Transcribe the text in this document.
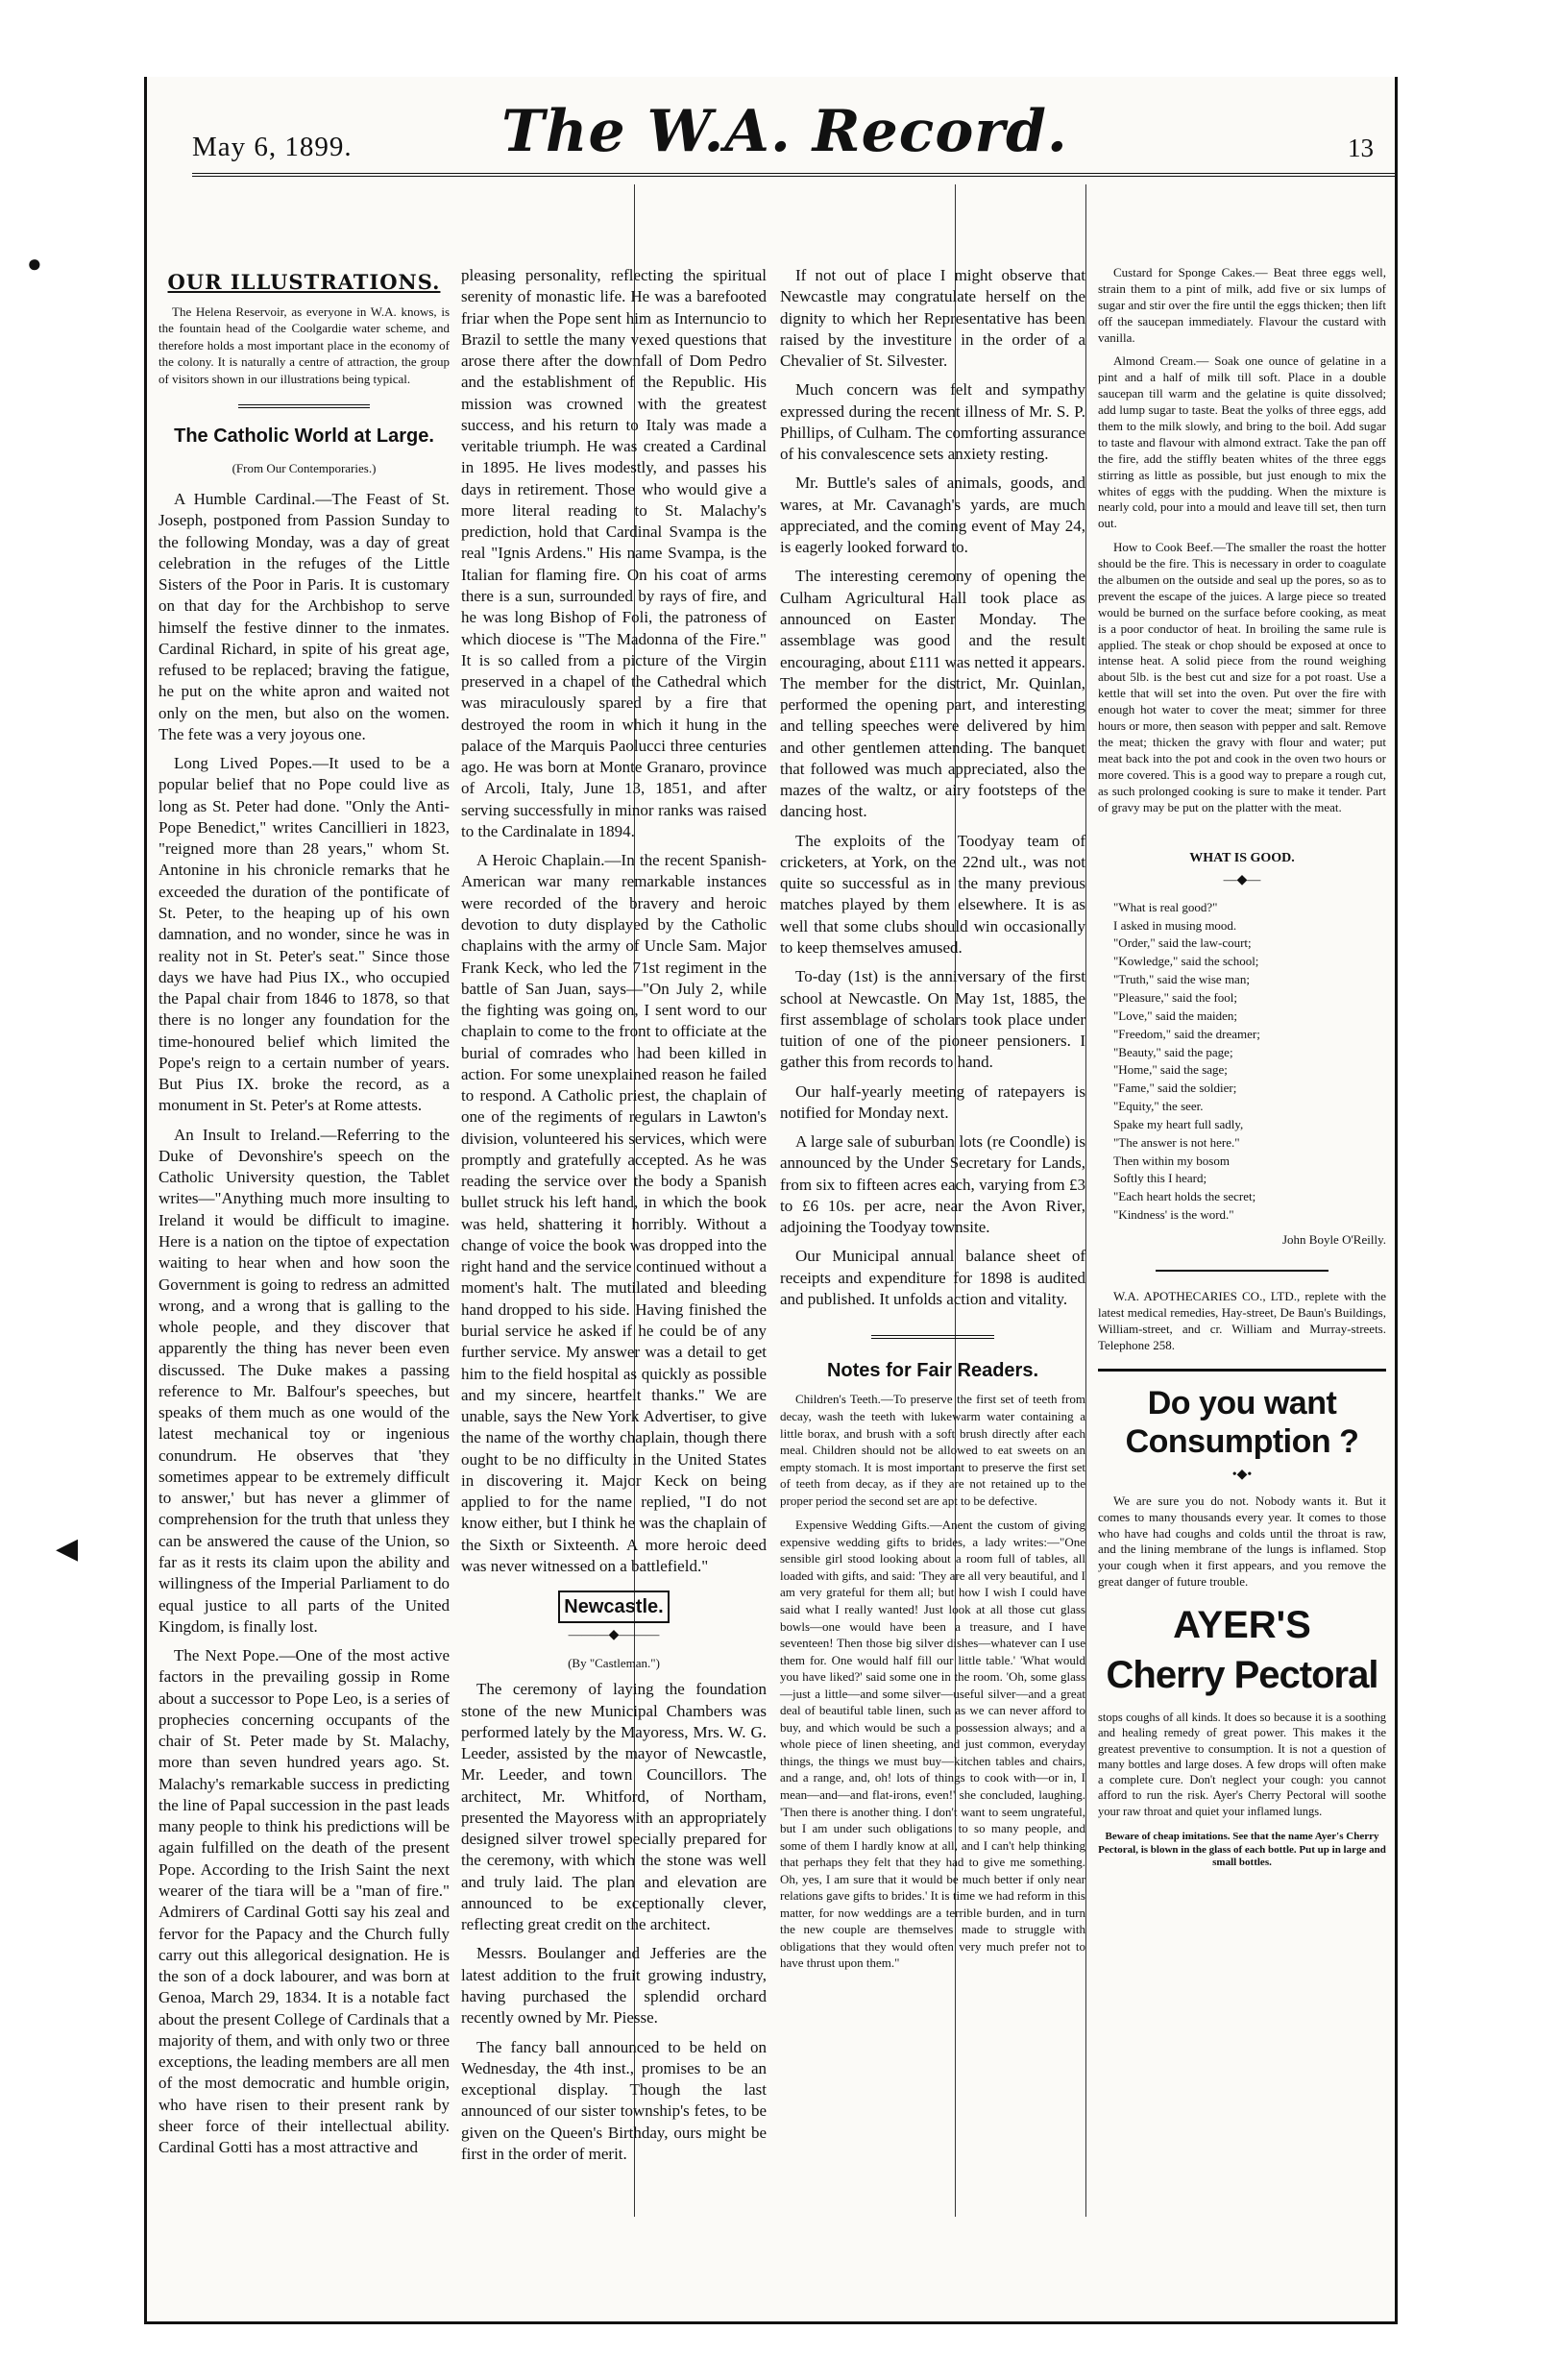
●
◀
May 6, 1899.	The W.A. Record.	13
OUR ILLUSTRATIONS.

The Helena Reservoir, as everyone in W.A. knows, is the fountain head of the Coolgardie water scheme, and therefore holds a most important place in the economy of the colony. It is naturally a centre of attraction, the group of visitors shown in our illustrations being typical.

The Catholic World at Large.

(From Our Contemporaries.)

A Humble Cardinal.—The Feast of St. Joseph, postponed from Passion Sunday to the following Monday, was a day of great celebration in the refuges of the Little Sisters of the Poor in Paris. It is customary on that day for the Archbishop to serve himself the festive dinner to the inmates. Cardinal Richard, in spite of his great age, refused to be replaced; braving the fatigue, he put on the white apron and waited not only on the men, but also on the women. The fete was a very joyous one.

Long Lived Popes.—It used to be a popular belief that no Pope could live as long as St. Peter had done. "Only the Anti-Pope Benedict," writes Cancillieri in 1823, "reigned more than 28 years," whom St. Antonine in his chronicle remarks that he exceeded the duration of the pontificate of St. Peter, to the heaping up of his own damnation, and no wonder, since he was in reality not in St. Peter's seat." Since those days we have had Pius IX., who occupied the Papal chair from 1846 to 1878, so that there is no longer any foundation for the time-honoured belief which limited the Pope's reign to a certain number of years. But Pius IX. broke the record, as a monument in St. Peter's at Rome attests.

An Insult to Ireland.—Referring to the Duke of Devonshire's speech on the Catholic University question, the Tablet writes—"Anything much more insulting to Ireland it would be difficult to imagine. Here is a nation on the tiptoe of expectation waiting to hear when and how soon the Government is going to redress an admitted wrong, and a wrong that is galling to the whole people, and they discover that apparently the thing has never been even discussed. The Duke makes a passing reference to Mr. Balfour's speeches, but speaks of them much as one would of the latest mechanical toy or ingenious conundrum. He observes that 'they sometimes appear to be extremely difficult to answer,' but has never a glimmer of comprehension for the truth that unless they can be answered the cause of the Union, so far as it rests its claim upon the ability and willingness of the Imperial Parliament to do equal justice to all parts of the United Kingdom, is finally lost.

The Next Pope.—One of the most active factors in the prevailing gossip in Rome about a successor to Pope Leo, is a series of prophecies concerning occupants of the chair of St. Peter made by St. Malachy, more than seven hundred years ago. St. Malachy's remarkable success in predicting the line of Papal succession in the past leads many people to think his predictions will be again fulfilled on the death of the present Pope. According to the Irish Saint the next wearer of the tiara will be a "man of fire." Admirers of Cardinal Gotti say his zeal and fervor for the Papacy and the Church fully carry out this allegorical designation. He is the son of a dock labourer, and was born at Genoa, March 29, 1834. It is a notable fact about the present College of Cardinals that a majority of them, and with only two or three exceptions, the leading members are all men of the most democratic and humble origin, who have risen to their present rank by sheer force of their intellectual ability. Cardinal Gotti has a most attractive and

pleasing personality, reflecting the spiritual serenity of monastic life. He was a barefooted friar when the Pope sent him as Internuncio to Brazil to settle the many vexed questions that arose there after the downfall of Dom Pedro and the establishment of the Republic. His mission was crowned with the greatest success, and his return to Italy was made a veritable triumph. He was created a Cardinal in 1895. He lives modestly, and passes his days in retirement. Those who would give a more literal reading to St. Malachy's prediction, hold that Cardinal Svampa is the real "Ignis Ardens." His name Svampa, is the Italian for flaming fire. On his coat of arms there is a sun, surrounded by rays of fire, and he was long Bishop of Foli, the patroness of which diocese is "The Madonna of the Fire." It is so called from a picture of the Virgin preserved in a chapel of the Cathedral which was miraculously spared by a fire that destroyed the room in which it hung in the palace of the Marquis Paolucci three centuries ago. He was born at Monte Granaro, province of Arcoli, Italy, June 13, 1851, and after serving successfully in minor ranks was raised to the Cardinalate in 1894.

A Heroic Chaplain.—In the recent Spanish-American war many remarkable instances were recorded of the bravery and heroic devotion to duty displayed by the Catholic chaplains with the army of Uncle Sam. Major Frank Keck, who led the 71st regiment in the battle of San Juan, says—"On July 2, while the fighting was going on, I sent word to our chaplain to come to the front to officiate at the burial of comrades who had been killed in action. For some unexplained reason he failed to respond. A Catholic priest, the chaplain of one of the regiments of regulars in Lawton's division, volunteered his services, which were promptly and gratefully accepted. As he was reading the service over the body a Spanish bullet struck his left hand, in which the book was held, shattering it horribly. Without a change of voice the book was dropped into the right hand and the service continued without a moment's halt. The mutilated and bleeding hand dropped to his side. Having finished the burial service he asked if he could be of any further service. My answer was a detail to get him to the field hospital as quickly as possible and my sincere, heartfelt thanks." We are unable, says the New York Advertiser, to give the name of the worthy chaplain, though there ought to be no difficulty in the United States in discovering it. Major Keck on being applied to for the name replied, "I do not know either, but I think he was the chaplain of the Sixth or Sixteenth. A more heroic deed was never witnessed on a battlefield."

Newcastle.
———◆———

(By "Castleman.")

The ceremony of laying the foundation stone of the new Municipal Chambers was performed lately by the Mayoress, Mrs. W. G. Leeder, assisted by the mayor of Newcastle, Mr. Leeder, and town Councillors. The architect, Mr. Whitford, of Northam, presented the Mayoress with an appropriately designed silver trowel specially prepared for the ceremony, with which the stone was well and truly laid. The plan and elevation are announced to be exceptionally clever, reflecting great credit on the architect.

Messrs. Boulanger and Jefferies are the latest addition to the fruit growing industry, having purchased the splendid orchard recently owned by Mr. Piesse.

The fancy ball announced to be held on Wednesday, the 4th inst., promises to be an exceptional display. Though the last announced of our sister township's fetes, to be given on the Queen's Birthday, ours might be first in the order of merit.

If not out of place I might observe that Newcastle may congratulate herself on the dignity to which her Representative has been raised by the investiture in the order of a Chevalier of St. Silvester.

Much concern was felt and sympathy expressed during the recent illness of Mr. S. P. Phillips, of Culham. The comforting assurance of his convalescence sets anxiety resting.

Mr. Buttle's sales of animals, goods, and wares, at Mr. Cavanagh's yards, are much appreciated, and the coming event of May 24, is eagerly looked forward to.

The interesting ceremony of opening the Culham Agricultural Hall took place as announced on Easter Monday. The assemblage was good and the result encouraging, about £111 was netted it appears. The member for the district, Mr. Quinlan, performed the opening part, and interesting and telling speeches were delivered by him and other gentlemen attending. The banquet that followed was much appreciated, also the mazes of the waltz, or airy footsteps of the dancing host.

The exploits of the Toodyay team of cricketers, at York, on the 22nd ult., was not quite so successful as in the many previous matches played by them elsewhere. It is as well that some clubs should win occasionally to keep themselves amused.

To-day (1st) is the anniversary of the first school at Newcastle. On May 1st, 1885, the first assemblage of scholars took place under tuition of one of the pioneer pensioners. I gather this from records to hand.

Our half-yearly meeting of ratepayers is notified for Monday next.

A large sale of suburban lots (re Coondle) is announced by the Under Secretary for Lands, from six to fifteen acres each, varying from £3 to £6 10s. per acre, near the Avon River, adjoining the Toodyay townsite.

Our Municipal annual balance sheet of receipts and expenditure for 1898 is audited and published. It unfolds action and vitality.

Notes for Fair Readers.

Children's Teeth.—To preserve the first set of teeth from decay, wash the teeth with lukewarm water containing a little borax, and brush with a soft brush directly after each meal. Children should not be allowed to eat sweets on an empty stomach. It is most important to preserve the first set of teeth from decay, as if they are not retained up to the proper period the second set are apt to be defective.

Expensive Wedding Gifts.—Anent the custom of giving expensive wedding gifts to brides, a lady writes:—"One sensible girl stood looking about a room full of tables, all loaded with gifts, and said: 'They are all very beautiful, and I am very grateful for them all; but how I wish I could have said what I really wanted! Just look at all those cut glass bowls—one would have been a treasure, and I have seventeen! Then those big silver dishes—whatever can I use them for. One would half fill our little table.' 'What would you have liked?' said some one in the room. 'Oh, some glass—just a little—and some silver—useful silver—and a great deal of beautiful table linen, such as we can never afford to buy, and which would be such a possession always; and a whole piece of linen sheeting, and just common, everyday things, the things we must buy—kitchen tables and chairs, and a range, and, oh! lots of things to cook with—or in, I mean—and—and flat-irons, even!' she concluded, laughing. 'Then there is another thing. I don't want to seem ungrateful, but I am under such obligations to so many people, and some of them I hardly know at all, and I can't help thinking that perhaps they felt that they had to give me something. Oh, yes, I am sure that it would be much better if only near relations gave gifts to brides.' It is time we had reform in this matter, for now weddings are a terrible burden, and in turn the new couple are themselves made to struggle with obligations that they would often very much prefer not to have thrust upon them."

Custard for Sponge Cakes.— Beat three eggs well, strain them to a pint of milk, add five or six lumps of sugar and stir over the fire until the eggs thicken; then lift off the saucepan immediately. Flavour the custard with vanilla.

Almond Cream.— Soak one ounce of gelatine in a pint and a half of milk till soft. Place in a double saucepan till warm and the gelatine is quite dissolved; add lump sugar to taste. Beat the yolks of three eggs, add them to the milk slowly, and bring to the boil. Add sugar to taste and flavour with almond extract. Take the pan off the fire, add the stiffly beaten whites of the three eggs stirring as little as possible, but just enough to mix the whites of eggs with the pudding. When the mixture is nearly cold, pour into a mould and leave till set, then turn out.

How to Cook Beef.—The smaller the roast the hotter should be the fire. This is necessary in order to coagulate the albumen on the outside and seal up the pores, so as to prevent the escape of the juices. A large piece so treated would be burned on the surface before cooking, as meat is a poor conductor of heat. In broiling the same rule is applied. The steak or chop should be exposed at once to intense heat. A solid piece from the round weighing about 5lb. is the best cut and size for a pot roast. Use a kettle that will set into the oven. Put over the fire with enough hot water to cover the meat; simmer for three hours or more, then season with pepper and salt. Remove the meat; thicken the gravy with flour and water; put meat back into the pot and cook in the oven two hours or more covered. This is a good way to prepare a rough cut, as such prolonged cooking is sure to make it tender. Part of gravy may be put on the platter with the meat.

WHAT IS GOOD.
—◆—
"What is real good?"
I asked in musing mood.
"Order," said the law-court;
"Kowledge," said the school;
"Truth," said the wise man;
"Pleasure," said the fool;
"Love," said the maiden;
"Freedom," said the dreamer;
"Beauty," said the page;
"Home," said the sage;
"Fame," said the soldier;
"Equity," the seer.
Spake my heart full sadly,
"The answer is not here."
Then within my bosom
Softly this I heard;
"Each heart holds the secret;
"Kindness' is the word."
John Boyle O'Reilly.

W.A. APOTHECARIES CO., LTD., replete with the latest medical remedies, Hay-street, De Baun's Buildings, William-street, and cr. William and Murray-streets. Telephone 258.

Do you want
Consumption ?
•◆•

We are sure you do not. Nobody wants it. But it comes to many thousands every year. It comes to those who have had coughs and colds until the throat is raw, and the lining membrane of the lungs is inflamed. Stop your cough when it first appears, and you remove the great danger of future trouble.

AYER'S
Cherry Pectoral

stops coughs of all kinds. It does so because it is a soothing and healing remedy of great power. This makes it the greatest preventive to consumption. It is not a question of many bottles and large doses. A few drops will often make a complete cure. Don't neglect your cough: you cannot afford to run the risk. Ayer's Cherry Pectoral will soothe your raw throat and quiet your inflamed lungs.

Beware of cheap imitations. See that the name Ayer's Cherry Pectoral, is blown in the glass of each bottle. Put up in large and small bottles.
